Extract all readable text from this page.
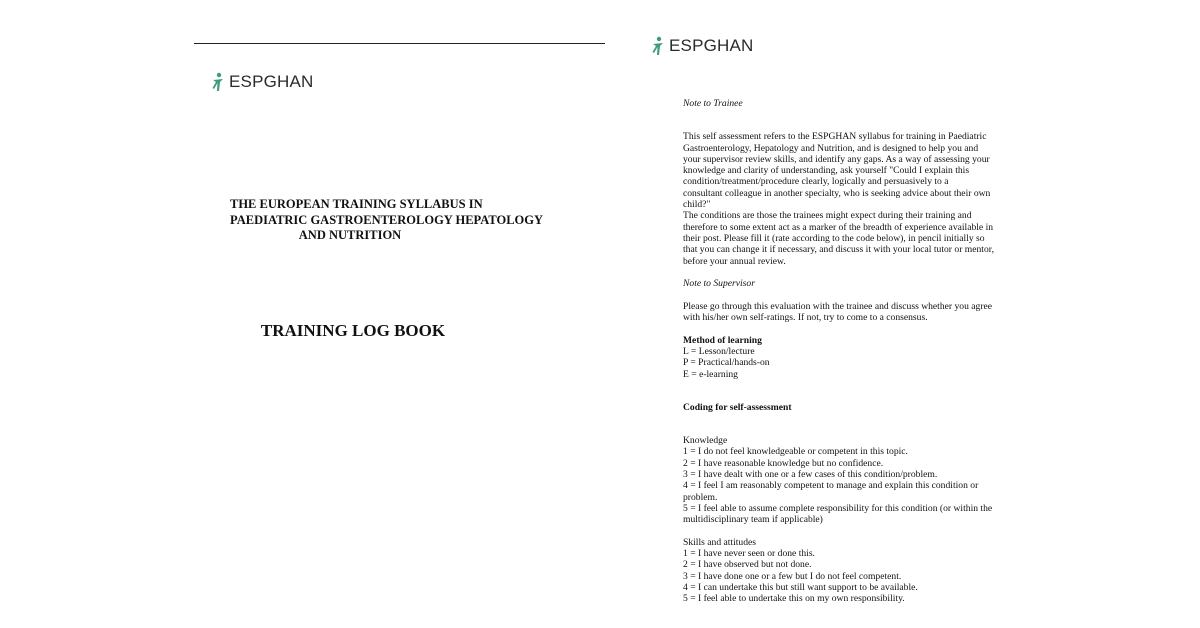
ESPGHAN
THE EUROPEAN TRAINING SYLLABUS IN
PAEDIATRIC GASTROENTEROLOGY HEPATOLOGY
AND NUTRITION
TRAINING LOG BOOK
ESPGHAN

Note to Trainee

This self assessment refers to the ESPGHAN syllabus for training in Paediatric

Gastroenterology, Hepatology and Nutrition, and is designed to help you and

your supervisor review skills, and identify any gaps. As a way of assessing your

knowledge and clarity of understanding, ask yourself "Could I explain this

condition/treatment/procedure clearly, logically and persuasively to a

consultant colleague in another specialty, who is seeking advice about their own

child?"

The conditions are those the trainees might expect during their training and

therefore to some extent act as a marker of the breadth of experience available in

their post. Please fill it (rate according to the code below), in pencil initially so

that you can change it if necessary, and discuss it with your local tutor or mentor,

before your annual review.

Note to Supervisor

Please go through this evaluation with the trainee and discuss whether you agree

with his/her own self-ratings. If not, try to come to a consensus.

Method of learning

L = Lesson/lecture

P = Practical/hands-on

E = e-learning

Coding for self-assessment

Knowledge

1 = I do not feel knowledgeable or competent in this topic.

2 = I have reasonable knowledge but no confidence.

3 = I have dealt with one or a few cases of this condition/problem.

4 = I feel I am reasonably competent to manage and explain this condition or

problem.

5 = I feel able to assume complete responsibility for this condition (or within the

multidisciplinary team if applicable)

Skills and attitudes

1 = I have never seen or done this.

2 = I have observed but not done.

3 = I have done one or a few but I do not feel competent.

4 = I can undertake this but still want support to be available.

5 = I feel able to undertake this on my own responsibility.
